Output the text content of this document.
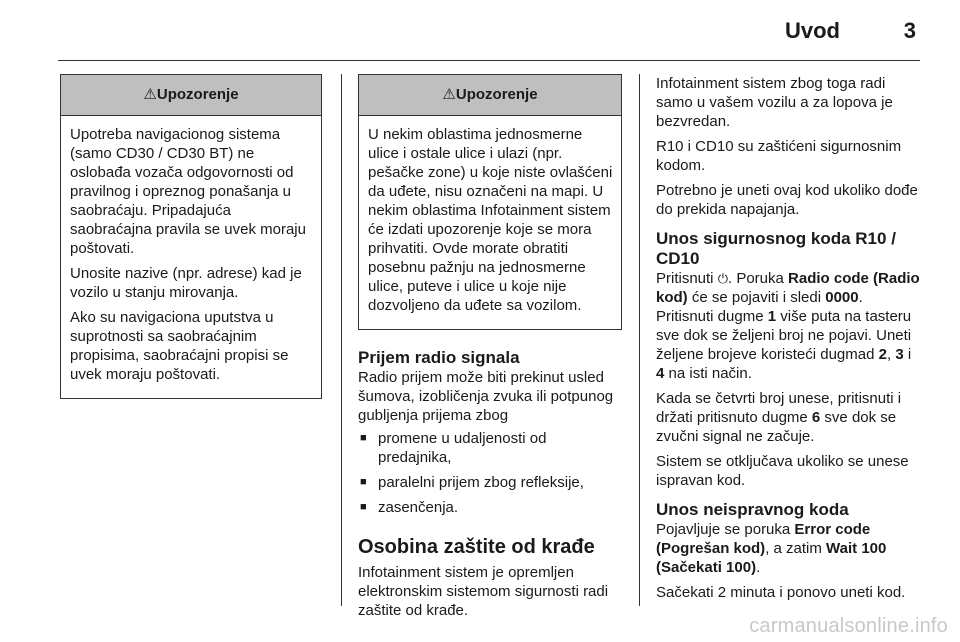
Uvod	3
⚠Upozorenje

Upotreba navigacionog sistema (samo CD30 / CD30 BT) ne oslobađa vozača odgovornosti od pravilnog i opreznog ponašanja u saobraćaju. Pripadajuća saobraćajna pravila se uvek moraju poštovati.

Unosite nazive (npr. adrese) kad je vozilo u stanju mirovanja.

Ako su navigaciona uputstva u suprotnosti sa saobraćajnim propisima, saobraćajni propisi se uvek moraju poštovati.

⚠Upozorenje

U nekim oblastima jednosmerne ulice i ostale ulice i ulazi (npr. pešačke zone) u koje niste ovlašćeni da uđete, nisu označeni na mapi. U nekim oblastima Infotainment sistem će izdati upozorenje koje se mora prihvatiti. Ovde morate obratiti posebnu pažnju na jednosmerne ulice, puteve i ulice u koje nije dozvoljeno da uđete sa vozilom.

Prijem radio signala

Radio prijem može biti prekinut usled šumova, izobličenja zvuka ili potpunog gubljenja prijema zbog

■ promene u udaljenosti od predajnika,
■ paralelni prijem zbog refleksije,
■ zasenčenja.
Osobina zaštite od krađe

Infotainment sistem je opremljen elektronskim sistemom sigurnosti radi zaštite od krađe.

Infotainment sistem zbog toga radi samo u vašem vozilu a za lopova je bezvredan.

R10 i CD10 su zaštićeni sigurnosnim kodom.

Potrebno je uneti ovaj kod ukoliko dođe do prekida napajanja.

Unos sigurnosnog koda R10 / CD10

Pritisnuti ⏻. Poruka Radio code (Radio kod) će se pojaviti i sledi 0000. Pritisnuti dugme 1 više puta na tasteru sve dok se željeni broj ne pojavi. Uneti željene brojeve koristeći dugmad 2, 3 i 4 na isti način.

Kada se četvrti broj unese, pritisnuti i držati pritisnuto dugme 6 sve dok se zvučni signal ne začuje.

Sistem se otključava ukoliko se unese ispravan kod.

Unos neispravnog koda

Pojavljuje se poruka Error code (Pogrešan kod), a zatim Wait 100 (Sačekati 100).

Sačekati 2 minuta i ponovo uneti kod.

carmanualsonline.info
